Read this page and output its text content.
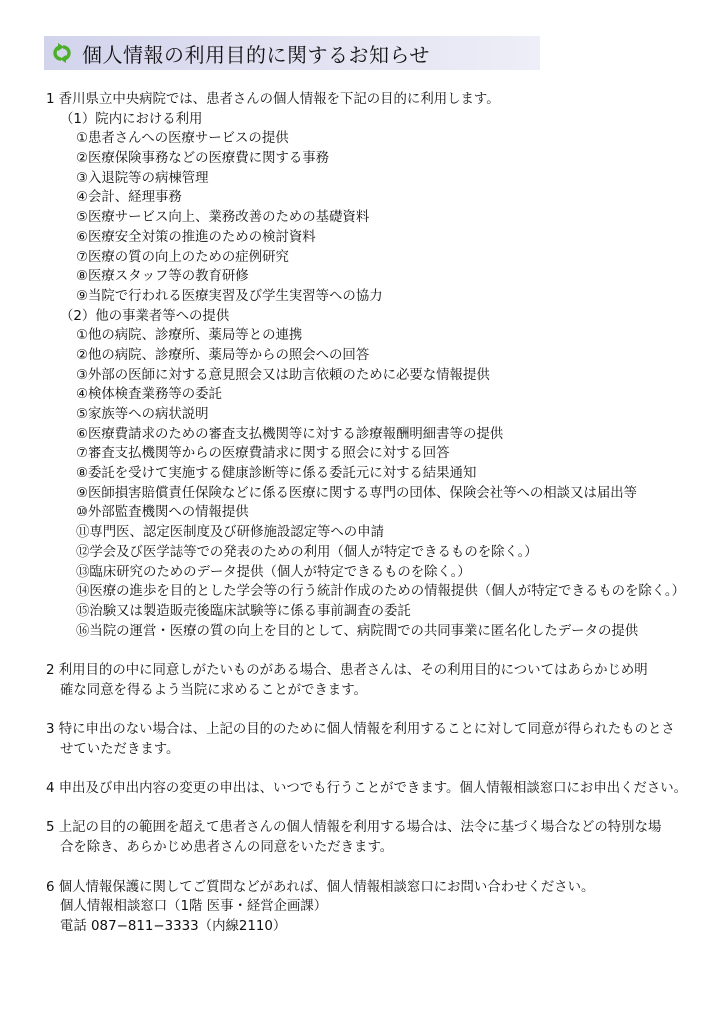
個人情報の利用目的に関するお知らせ
1 香川県立中央病院では、患者さんの個人情報を下記の目的に利用します。
（1）院内における利用
①患者さんへの医療サービスの提供
②医療保険事務などの医療費に関する事務
③入退院等の病棟管理
④会計、経理事務
⑤医療サービス向上、業務改善のための基礎資料
⑥医療安全対策の推進のための検討資料
⑦医療の質の向上のための症例研究
⑧医療スタッフ等の教育研修
⑨当院で行われる医療実習及び学生実習等への協力
（2）他の事業者等への提供
①他の病院、診療所、薬局等との連携
②他の病院、診療所、薬局等からの照会への回答
③外部の医師に対する意見照会又は助言依頼のために必要な情報提供
④検体検査業務等の委託
⑤家族等への病状説明
⑥医療費請求のための審査支払機関等に対する診療報酬明細書等の提供
⑦審査支払機関等からの医療費請求に関する照会に対する回答
⑧委託を受けて実施する健康診断等に係る委託元に対する結果通知
⑨医師損害賠償責任保険などに係る医療に関する専門の団体、保険会社等への相談又は届出等
⑩外部監査機関への情報提供
⑪専門医、認定医制度及び研修施設認定等への申請
⑫学会及び医学誌等での発表のための利用（個人が特定できるものを除く。）
⑬臨床研究のためのデータ提供（個人が特定できるものを除く。）
⑭医療の進歩を目的とした学会等の行う統計作成のための情報提供（個人が特定できるものを除く。）
⑮治験又は製造販売後臨床試験等に係る事前調査の委託
⑯当院の運営・医療の質の向上を目的として、病院間での共同事業に匿名化したデータの提供
2 利用目的の中に同意しがたいものがある場合、患者さんは、その利用目的についてはあらかじめ明
確な同意を得るよう当院に求めることができます。
3 特に申出のない場合は、上記の目的のために個人情報を利用することに対して同意が得られたものとさ
せていただきます。
4 申出及び申出内容の変更の申出は、いつでも行うことができます。個人情報相談窓口にお申出ください。
5 上記の目的の範囲を超えて患者さんの個人情報を利用する場合は、法令に基づく場合などの特別な場
合を除き、あらかじめ患者さんの同意をいただきます。
6 個人情報保護に関してご質問などがあれば、個人情報相談窓口にお問い合わせください。
個人情報相談窓口（1階 医事・経営企画課）
電話 087−811−3333（内線2110）
